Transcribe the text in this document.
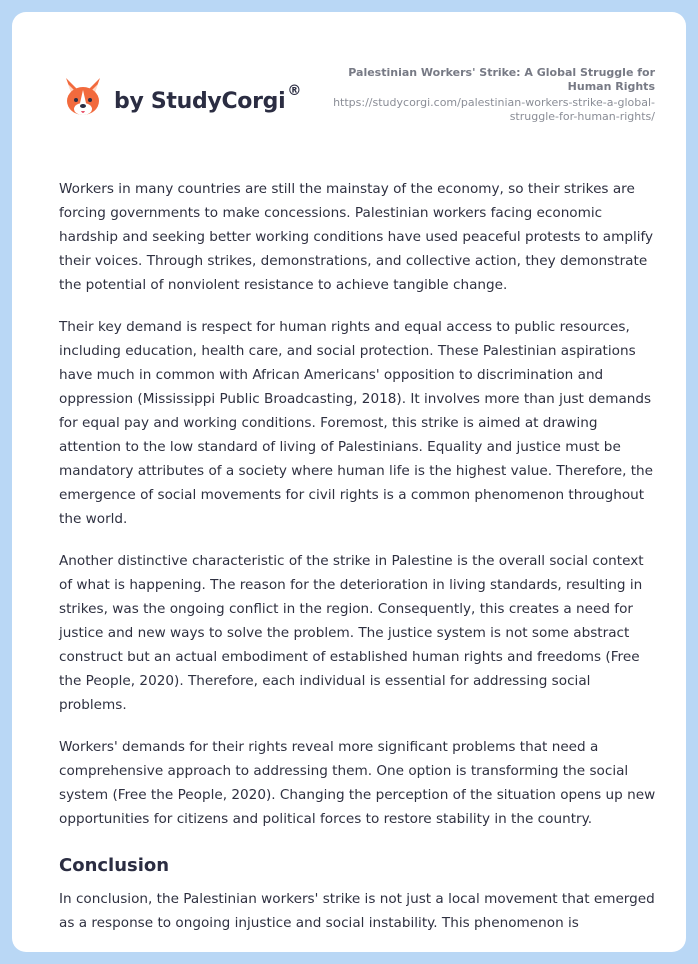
by StudyCorgi ®
Palestinian Workers' Strike: A Global Struggle for Human Rights
https://studycorgi.com/palestinian-workers-strike-a-global-struggle-for-human-rights/

Workers in many countries are still the mainstay of the economy, so their strikes are forcing governments to make concessions. Palestinian workers facing economic hardship and seeking better working conditions have used peaceful protests to amplify their voices. Through strikes, demonstrations, and collective action, they demonstrate the potential of nonviolent resistance to achieve tangible change.

Their key demand is respect for human rights and equal access to public resources, including education, health care, and social protection. These Palestinian aspirations have much in common with African Americans' opposition to discrimination and oppression (Mississippi Public Broadcasting, 2018). It involves more than just demands for equal pay and working conditions. Foremost, this strike is aimed at drawing attention to the low standard of living of Palestinians. Equality and justice must be mandatory attributes of a society where human life is the highest value. Therefore, the emergence of social movements for civil rights is a common phenomenon throughout the world.

Another distinctive characteristic of the strike in Palestine is the overall social context of what is happening. The reason for the deterioration in living standards, resulting in strikes, was the ongoing conflict in the region. Consequently, this creates a need for justice and new ways to solve the problem. The justice system is not some abstract construct but an actual embodiment of established human rights and freedoms (Free the People, 2020). Therefore, each individual is essential for addressing social problems.

Workers' demands for their rights reveal more significant problems that need a comprehensive approach to addressing them. One option is transforming the social system (Free the People, 2020). Changing the perception of the situation opens up new opportunities for citizens and political forces to restore stability in the country.

Conclusion

In conclusion, the Palestinian workers' strike is not just a local movement that emerged as a response to ongoing injustice and social instability. This phenomenon is
